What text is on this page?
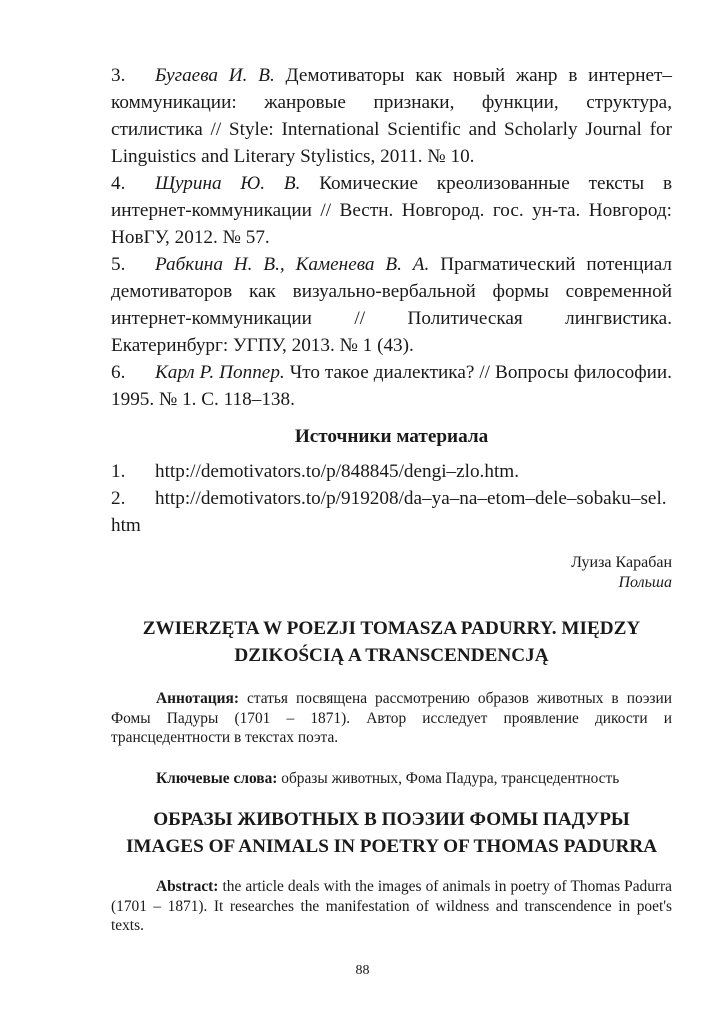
3. Бугаева И. В. Демотиваторы как новый жанр в интернет–коммуникации: жанровые признаки, функции, структура, стилистика // Style: International Scientific and Scholarly Journal for Linguistics and Literary Stylistics, 2011. № 10.

4. Щурина Ю. В. Комические креолизованные тексты в интернет-коммуникации // Вестн. Новгород. гос. ун-та. Новгород: НовГУ, 2012. № 57.

5. Рабкина Н. В., Каменева В. А. Прагматический потенциал демотиваторов как визуально-вербальной формы современной интернет-коммуникации // Политическая лингвистика. Екатеринбург: УГПУ, 2013. № 1 (43).

6. Карл Р. Поппер. Что такое диалектика? // Вопросы философии. 1995. № 1. С. 118–138.

Источники материала

1. http://demotivators.to/p/848845/dengi–zlo.htm.

2. http://demotivators.to/p/919208/da–ya–na–etom–dele–sobaku–sel.htm

Луиза Карабан
Польша

ZWIERZĘTA W POEZJI TOMASZA PADURRY. MIĘDZY

DZIKOŚCIĄ A TRANSCENDENCJĄ

Аннотация: статья посвящена рассмотрению образов животных в поэзии Фомы Падуры (1701 – 1871). Автор исследует проявление дикости и трансцедентности в текстах поэта.

Ключевые слова: образы животных, Фома Падура, трансцедентность

ОБРАЗЫ ЖИВОТНЫХ В ПОЭЗИИ ФОМЫ ПАДУРЫ

IMAGES OF ANIMALS IN POETRY OF THOMAS PADURRA

Abstract: the article deals with the images of animals in poetry of Thomas Padurra (1701 – 1871). It researches the manifestation of wildness and transcendence in poet's texts.

88
